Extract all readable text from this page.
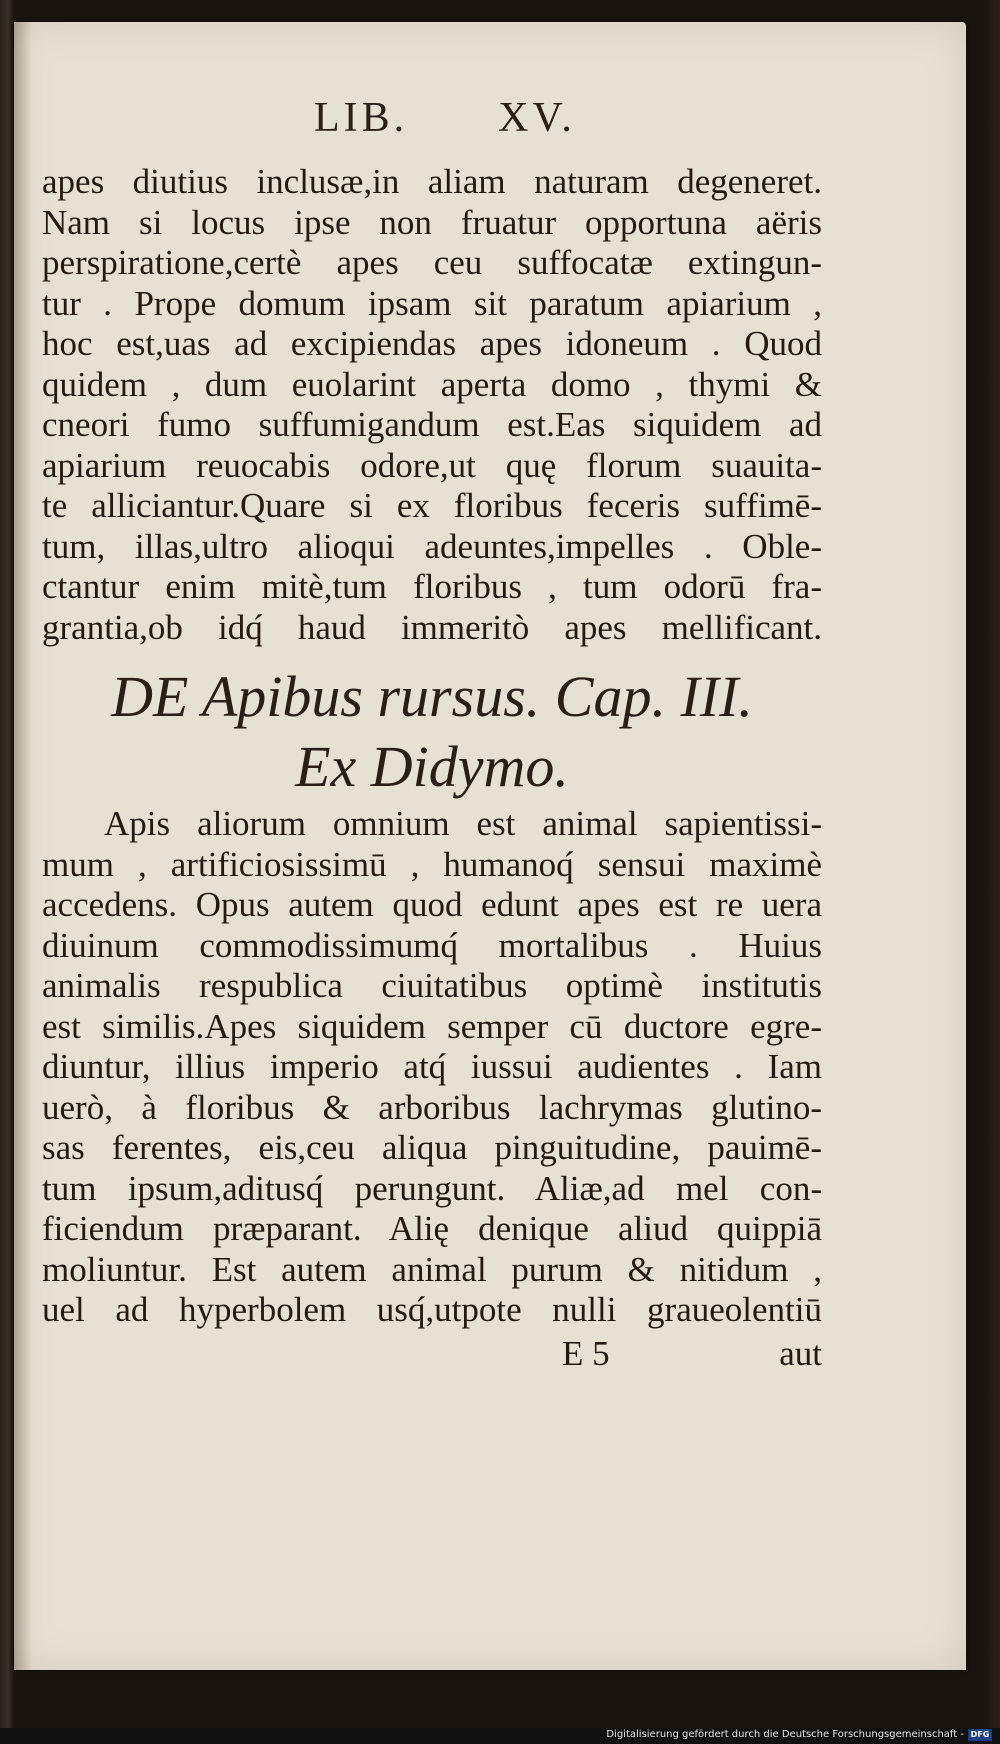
LIB. XV.
apes diutius inclusæ,in aliam naturam degeneret.
Nam si locus ipse non fruatur opportuna aëris
perspiratione,certè apes ceu suffocatæ extingun-
tur . Prope domum ipsam sit paratum apiarium ,
hoc est,uas ad excipiendas apes idoneum . Quod
quidem , dum euolarint aperta domo , thymi &
cneori fumo suffumigandum est.Eas siquidem ad
apiarium reuocabis odore,ut quę florum suauita-
te alliciantur.Quare si ex floribus feceris suffimē-
tum, illas,ultro alioqui adeuntes,impelles . Oble-
ctantur enim mitè,tum floribus , tum odorū fra-
grantia,ob idq́ haud immeritò apes mellificant.
DE Apibus rursus. Cap. III.
Ex Didymo.
Apis aliorum omnium est animal sapientissi-
mum , artificiosissimū , humanoq́ sensui maximè
accedens. Opus autem quod edunt apes est re uera
diuinum commodissimumq́ mortalibus . Huius
animalis respublica ciuitatibus optimè institutis
est similis.Apes siquidem semper cū ductore egre-
diuntur, illius imperio atq́ iussui audientes . Iam
uerò, à floribus & arboribus lachrymas glutino-
sas ferentes, eis,ceu aliqua pinguitudine, pauimē-
tum ipsum,aditusq́ perungunt. Aliæ,ad mel con-
ficiendum præparant. Alię denique aliud quippiā
moliuntur. Est autem animal purum & nitidum ,
uel ad hyperbolem usq́,utpote nulli graueolentiū
E 5	aut
Digitalisierung gefördert durch die Deutsche Forschungsgemeinschaft - DFG
